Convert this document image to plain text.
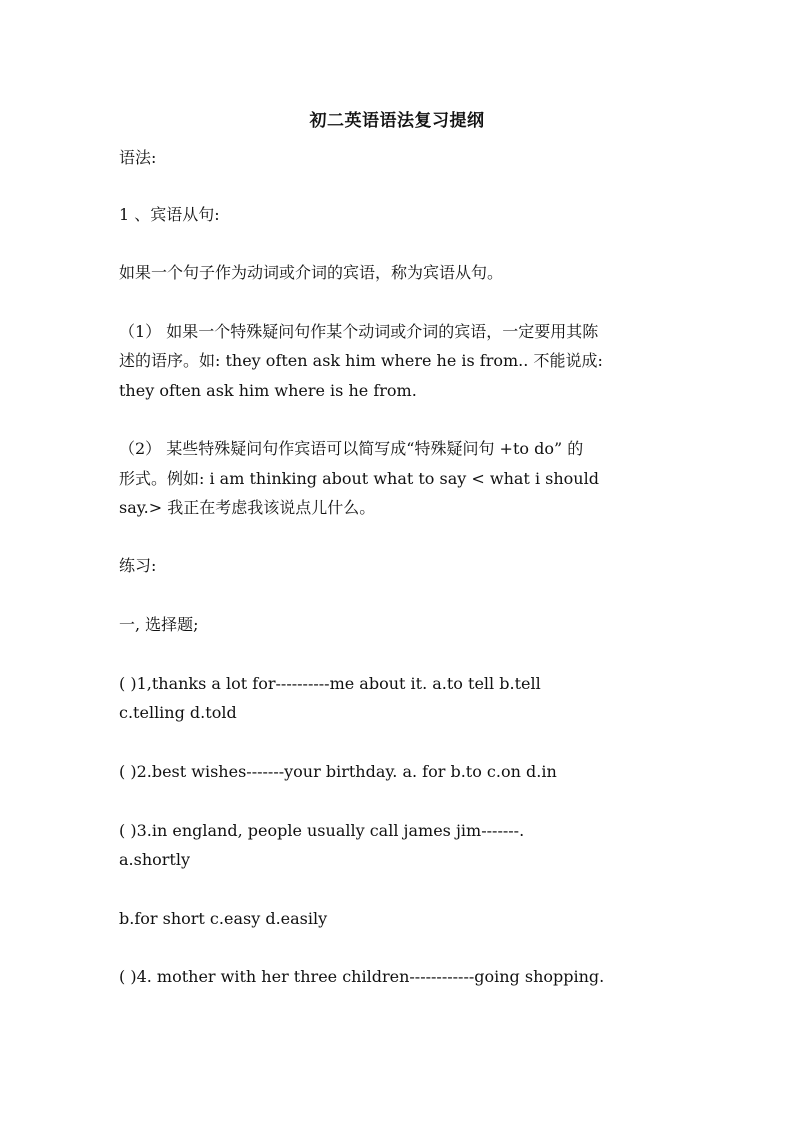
初二英语语法复习提纲
语法:
1 、宾语从句:
如果一个句子作为动词或介词的宾语，称为宾语从句。
（1） 如果一个特殊疑问句作某个动词或介词的宾语，一定要用其陈
述的语序。如: they often ask him where he is from.. 不能说成:
they often ask him where is he from.
（2） 某些特殊疑问句作宾语可以简写成“特殊疑问句 +to do” 的
形式。例如: i am thinking about what to say < what i should
say.> 我正在考虑我该说点儿什么。
练习:
一, 选择题;
( )1,thanks a lot for----------me about it. a.to tell b.tell
c.telling d.told
( )2.best wishes-------your birthday. a. for b.to c.on d.in
( )3.in england, people usually call james jim-------.
a.shortly
b.for short c.easy d.easily
( )4. mother with her three children------------going shopping.
